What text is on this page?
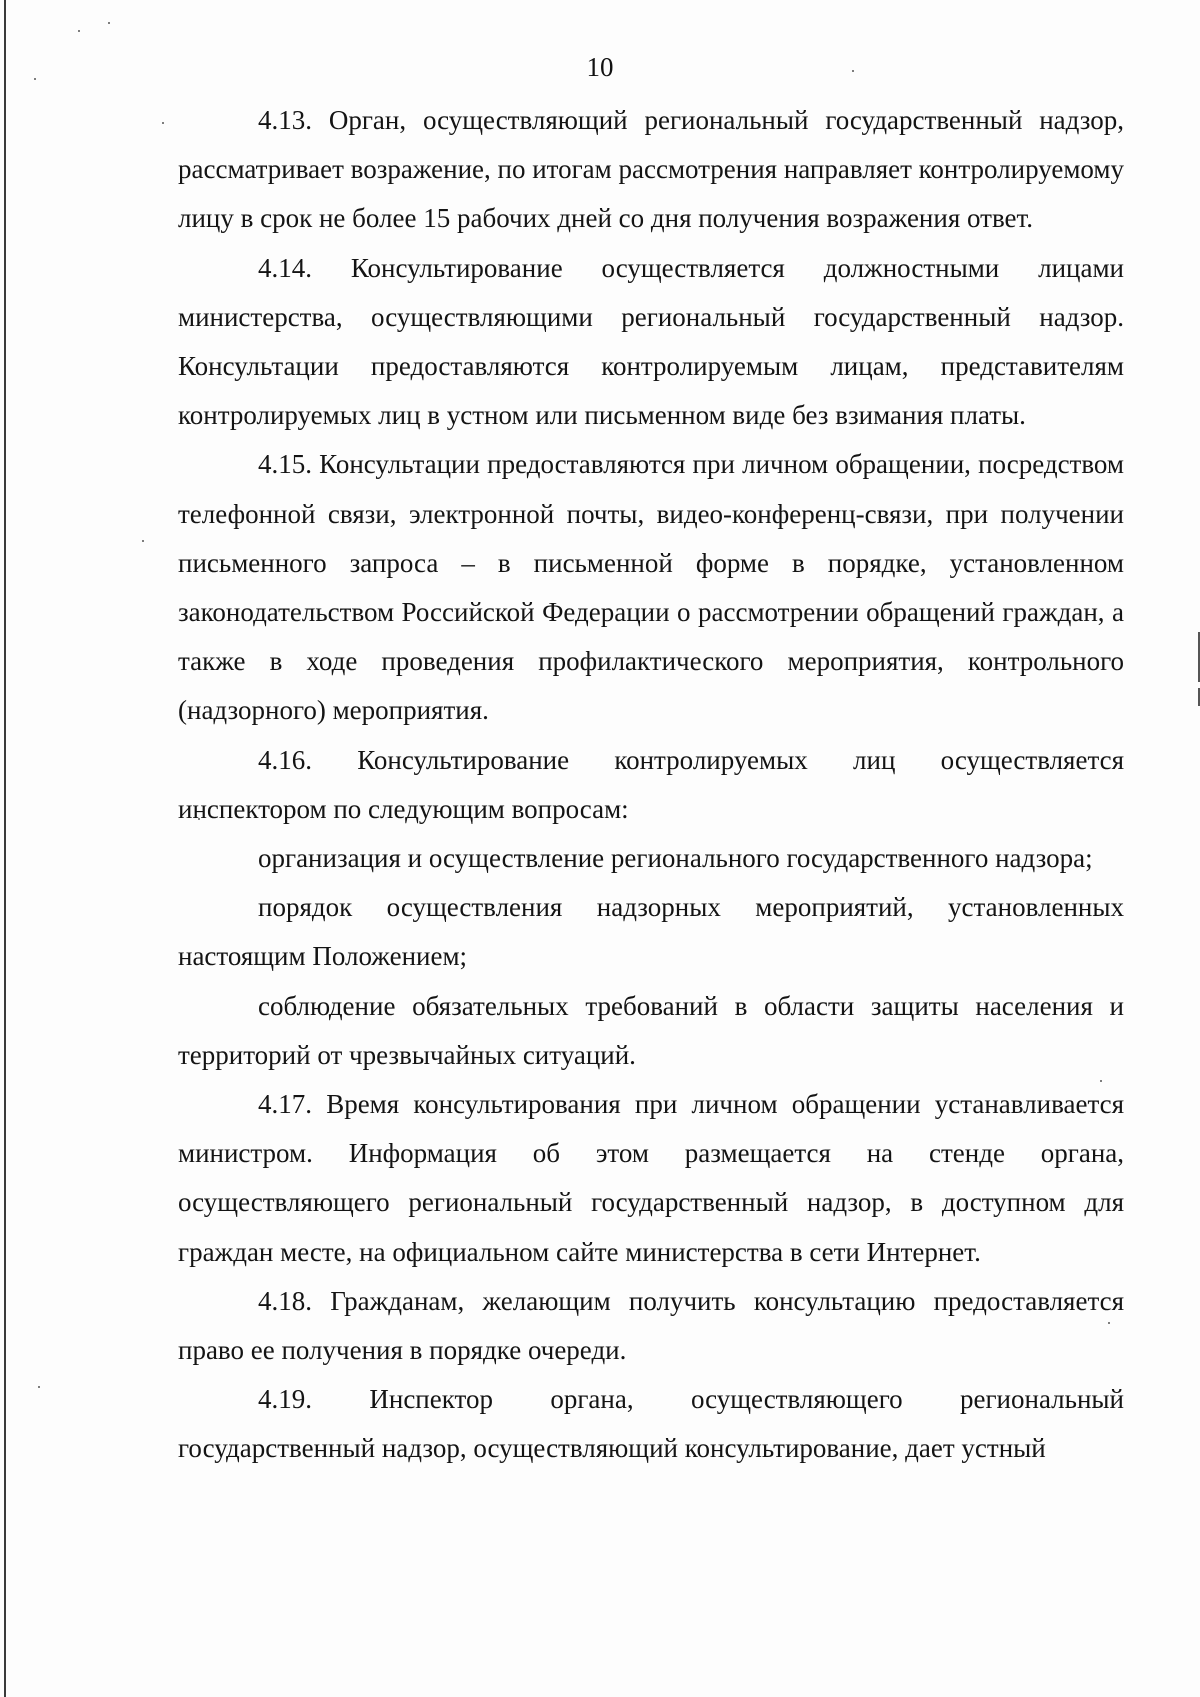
10

4.13. Орган, осуществляющий региональный государственный надзор, рассматривает возражение, по итогам рассмотрения направляет контролируемому лицу в срок не более 15 рабочих дней со дня получения возражения ответ.

4.14. Консультирование осуществляется должностными лицами министерства, осуществляющими региональный государственный надзор. Консультации предоставляются контролируемым лицам, представителям контролируемых лиц в устном или письменном виде без взимания платы.

4.15. Консультации предоставляются при личном обращении, посредством телефонной связи, электронной почты, видео-конференц-связи, при получении письменного запроса – в письменной форме в порядке, установленном законодательством Российской Федерации о рассмотрении обращений граждан, а также в ходе проведения профилактического мероприятия, контрольного (надзорного) мероприятия.

4.16. Консультирование контролируемых лиц осуществляется инспектором по следующим вопросам:

организация и осуществление регионального государственного надзора;

порядок осуществления надзорных мероприятий, установленных настоящим Положением;

соблюдение обязательных требований в области защиты населения и территорий от чрезвычайных ситуаций.

4.17. Время консультирования при личном обращении устанавливается министром. Информация об этом размещается на стенде органа, осуществляющего региональный государственный надзор, в доступном для граждан месте, на официальном сайте министерства в сети Интернет.

4.18. Гражданам, желающим получить консультацию предоставляется право ее получения в порядке очереди.

4.19. Инспектор органа, осуществляющего региональный государственный надзор, осуществляющий консультирование, дает устный
